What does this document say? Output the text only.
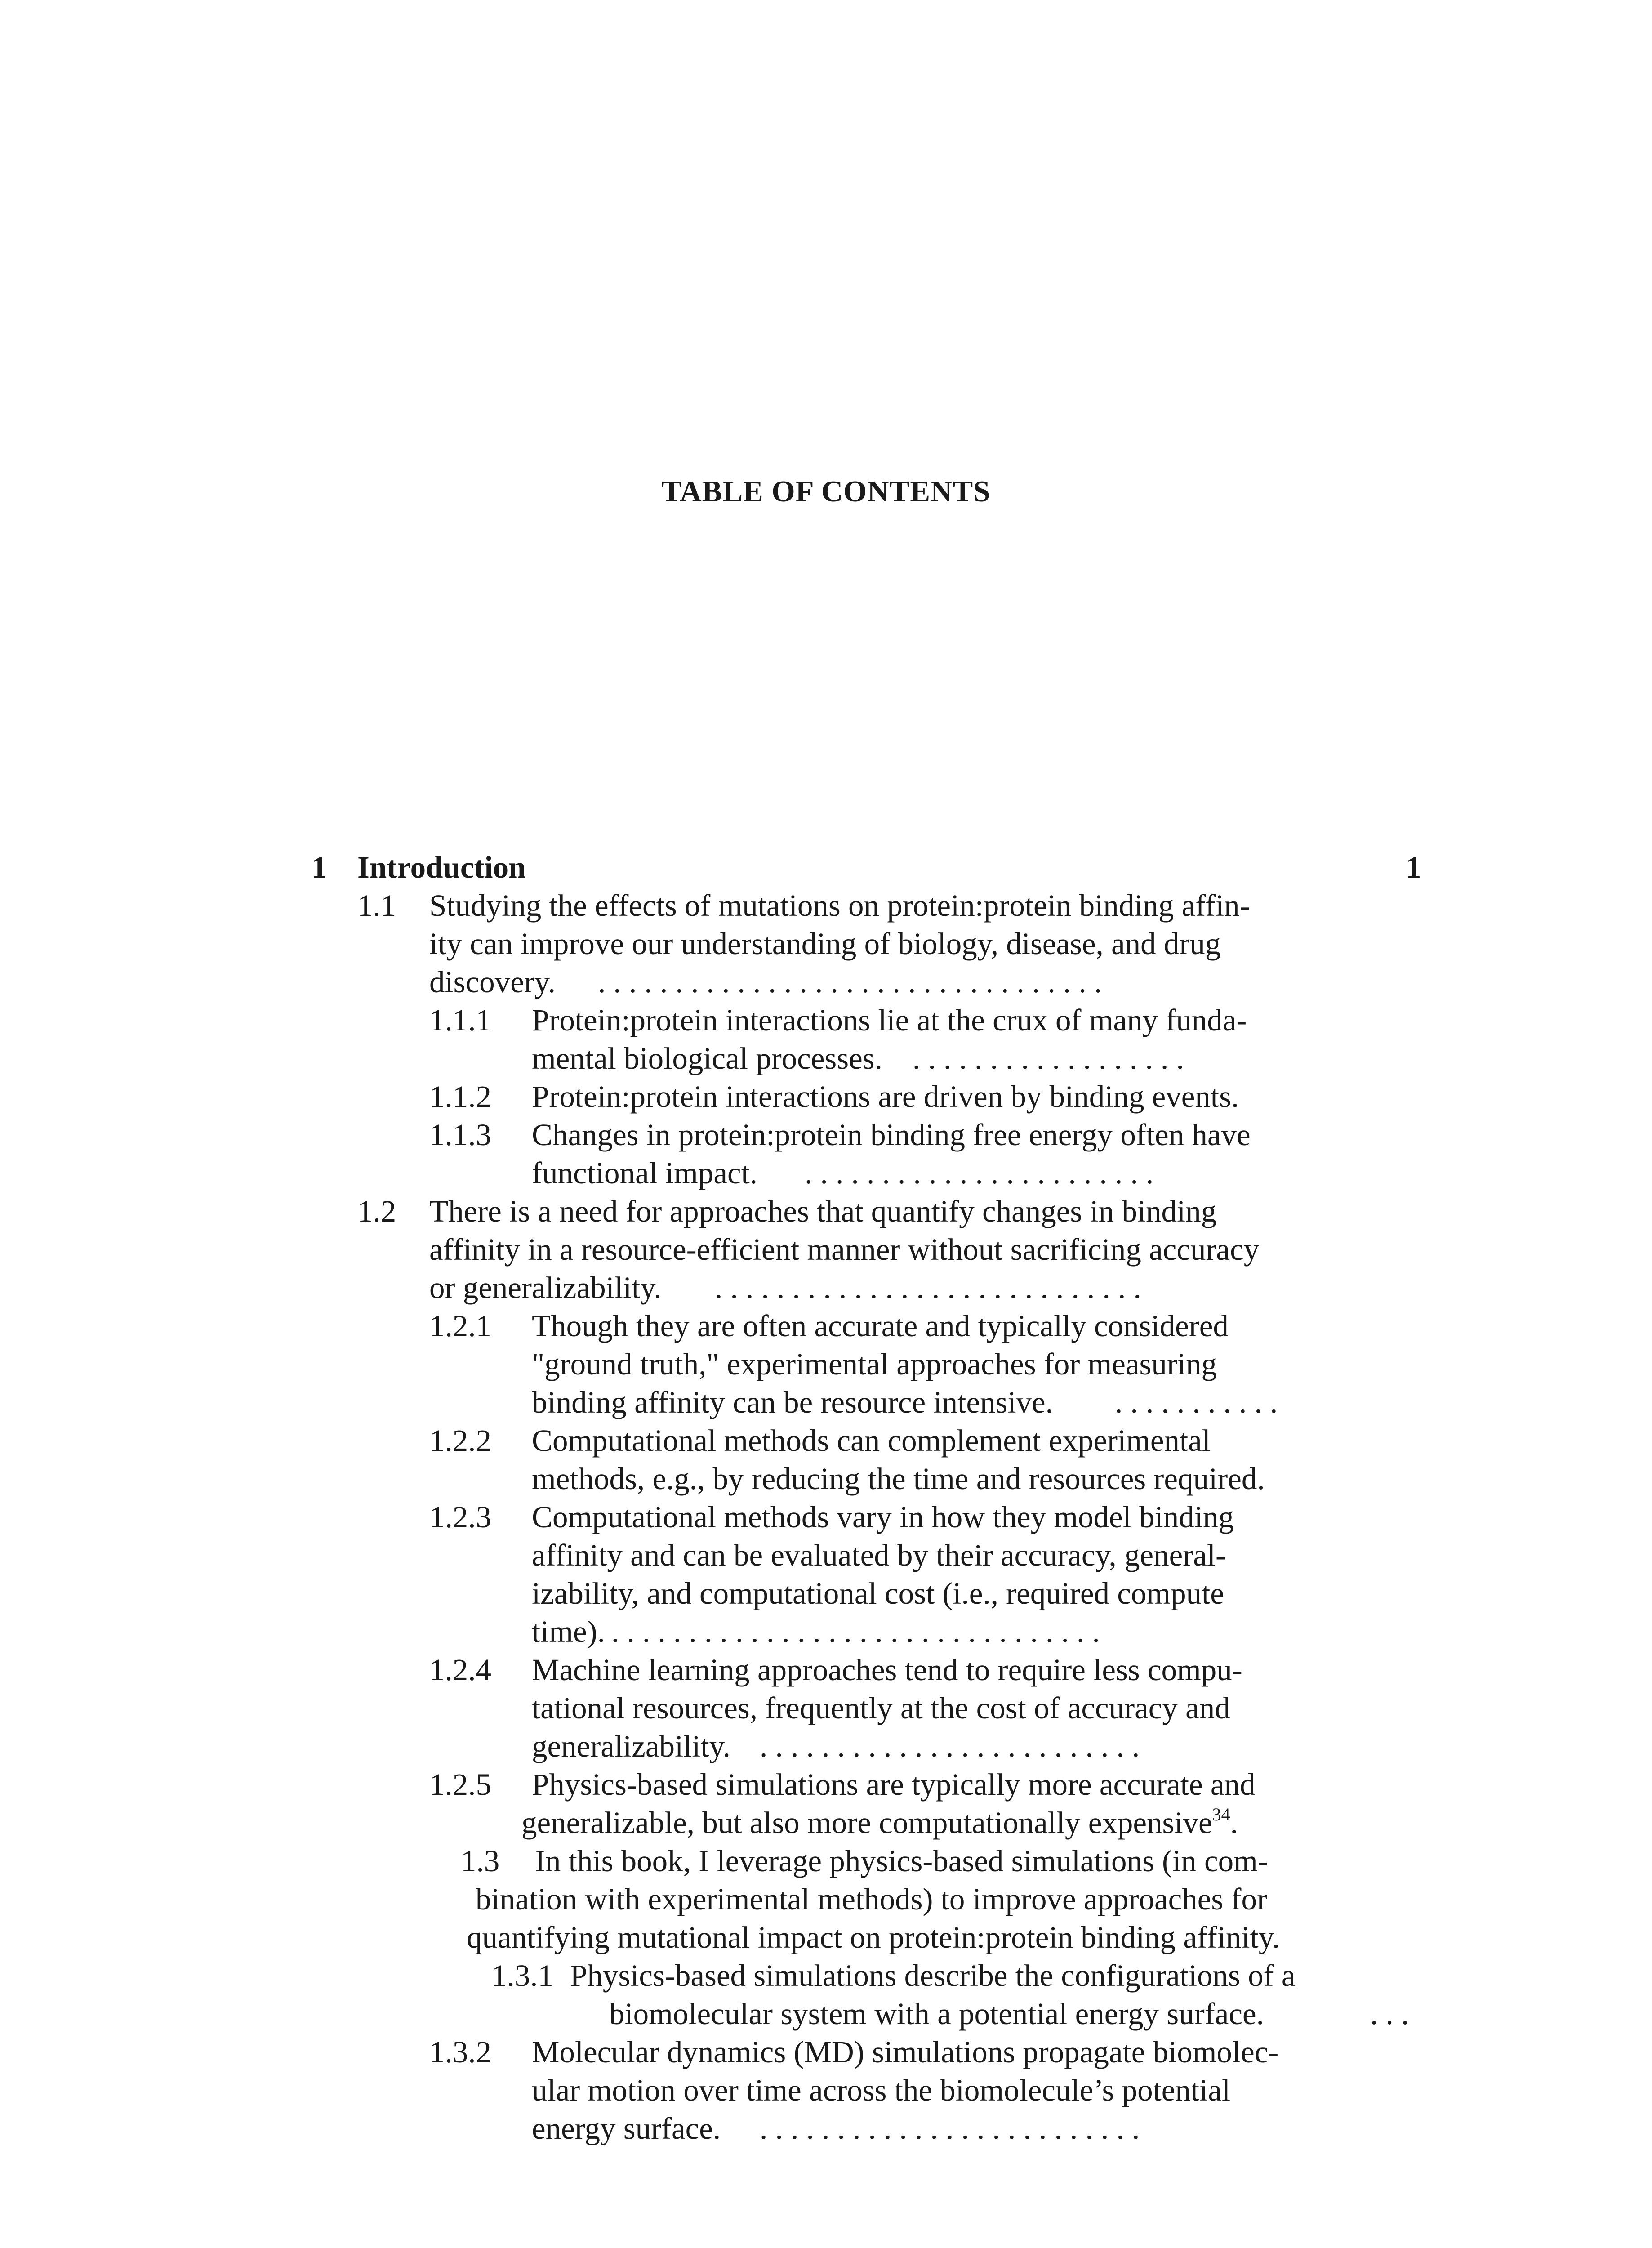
TABLE OF CONTENTS
1 Introduction	1
1.1 Studying the effects of mutations on protein:protein binding affin-
ity can improve our understanding of biology, disease, and drug
discovery. . . . . . . . . . . . . . . . . . . . . . . . . . . . . . . . . .
1.1.1 Protein:protein interactions lie at the crux of many funda-
mental biological processes. . . . . . . . . . . . . . . . . . .
1.1.2 Protein:protein interactions are driven by binding events.
1.1.3 Changes in protein:protein binding free energy often have
functional impact. . . . . . . . . . . . . . . . . . . . . . . .
1.2 There is a need for approaches that quantify changes in binding
affinity in a resource-efficient manner without sacrificing accuracy
or generalizability. . . . . . . . . . . . . . . . . . . . . . . . . . . . .
1.2.1 Though they are often accurate and typically considered
"ground truth," experimental approaches for measuring
binding affinity can be resource intensive. . . . . . . . . . . .
1.2.2 Computational methods can complement experimental
methods, e.g., by reducing the time and resources required.
1.2.3 Computational methods vary in how they model binding
affinity and can be evaluated by their accuracy, general-
izability, and computational cost (i.e., required compute
time). . . . . . . . . . . . . . . . . . . . . . . . . . . . . . . . .
1.2.4 Machine learning approaches tend to require less compu-
tational resources, frequently at the cost of accuracy and
generalizability. . . . . . . . . . . . . . . . . . . . . . . . . .
1.2.5 Physics-based simulations are typically more accurate and
generalizable, but also more computationally expensive$^{34}$.
1.3 In this book, I leverage physics-based simulations (in com-
bination with experimental methods) to improve approaches for
quantifying mutational impact on protein:protein binding affinity.
1.3.1 Physics-based simulations describe the configurations of a
biomolecular system with a potential energy surface.	. . .
1.3.2 Molecular dynamics (MD) simulations propagate biomolec-
ular motion over time across the biomolecule’s potential
energy surface. . . . . . . . . . . . . . . . . . . . . . . . . .
